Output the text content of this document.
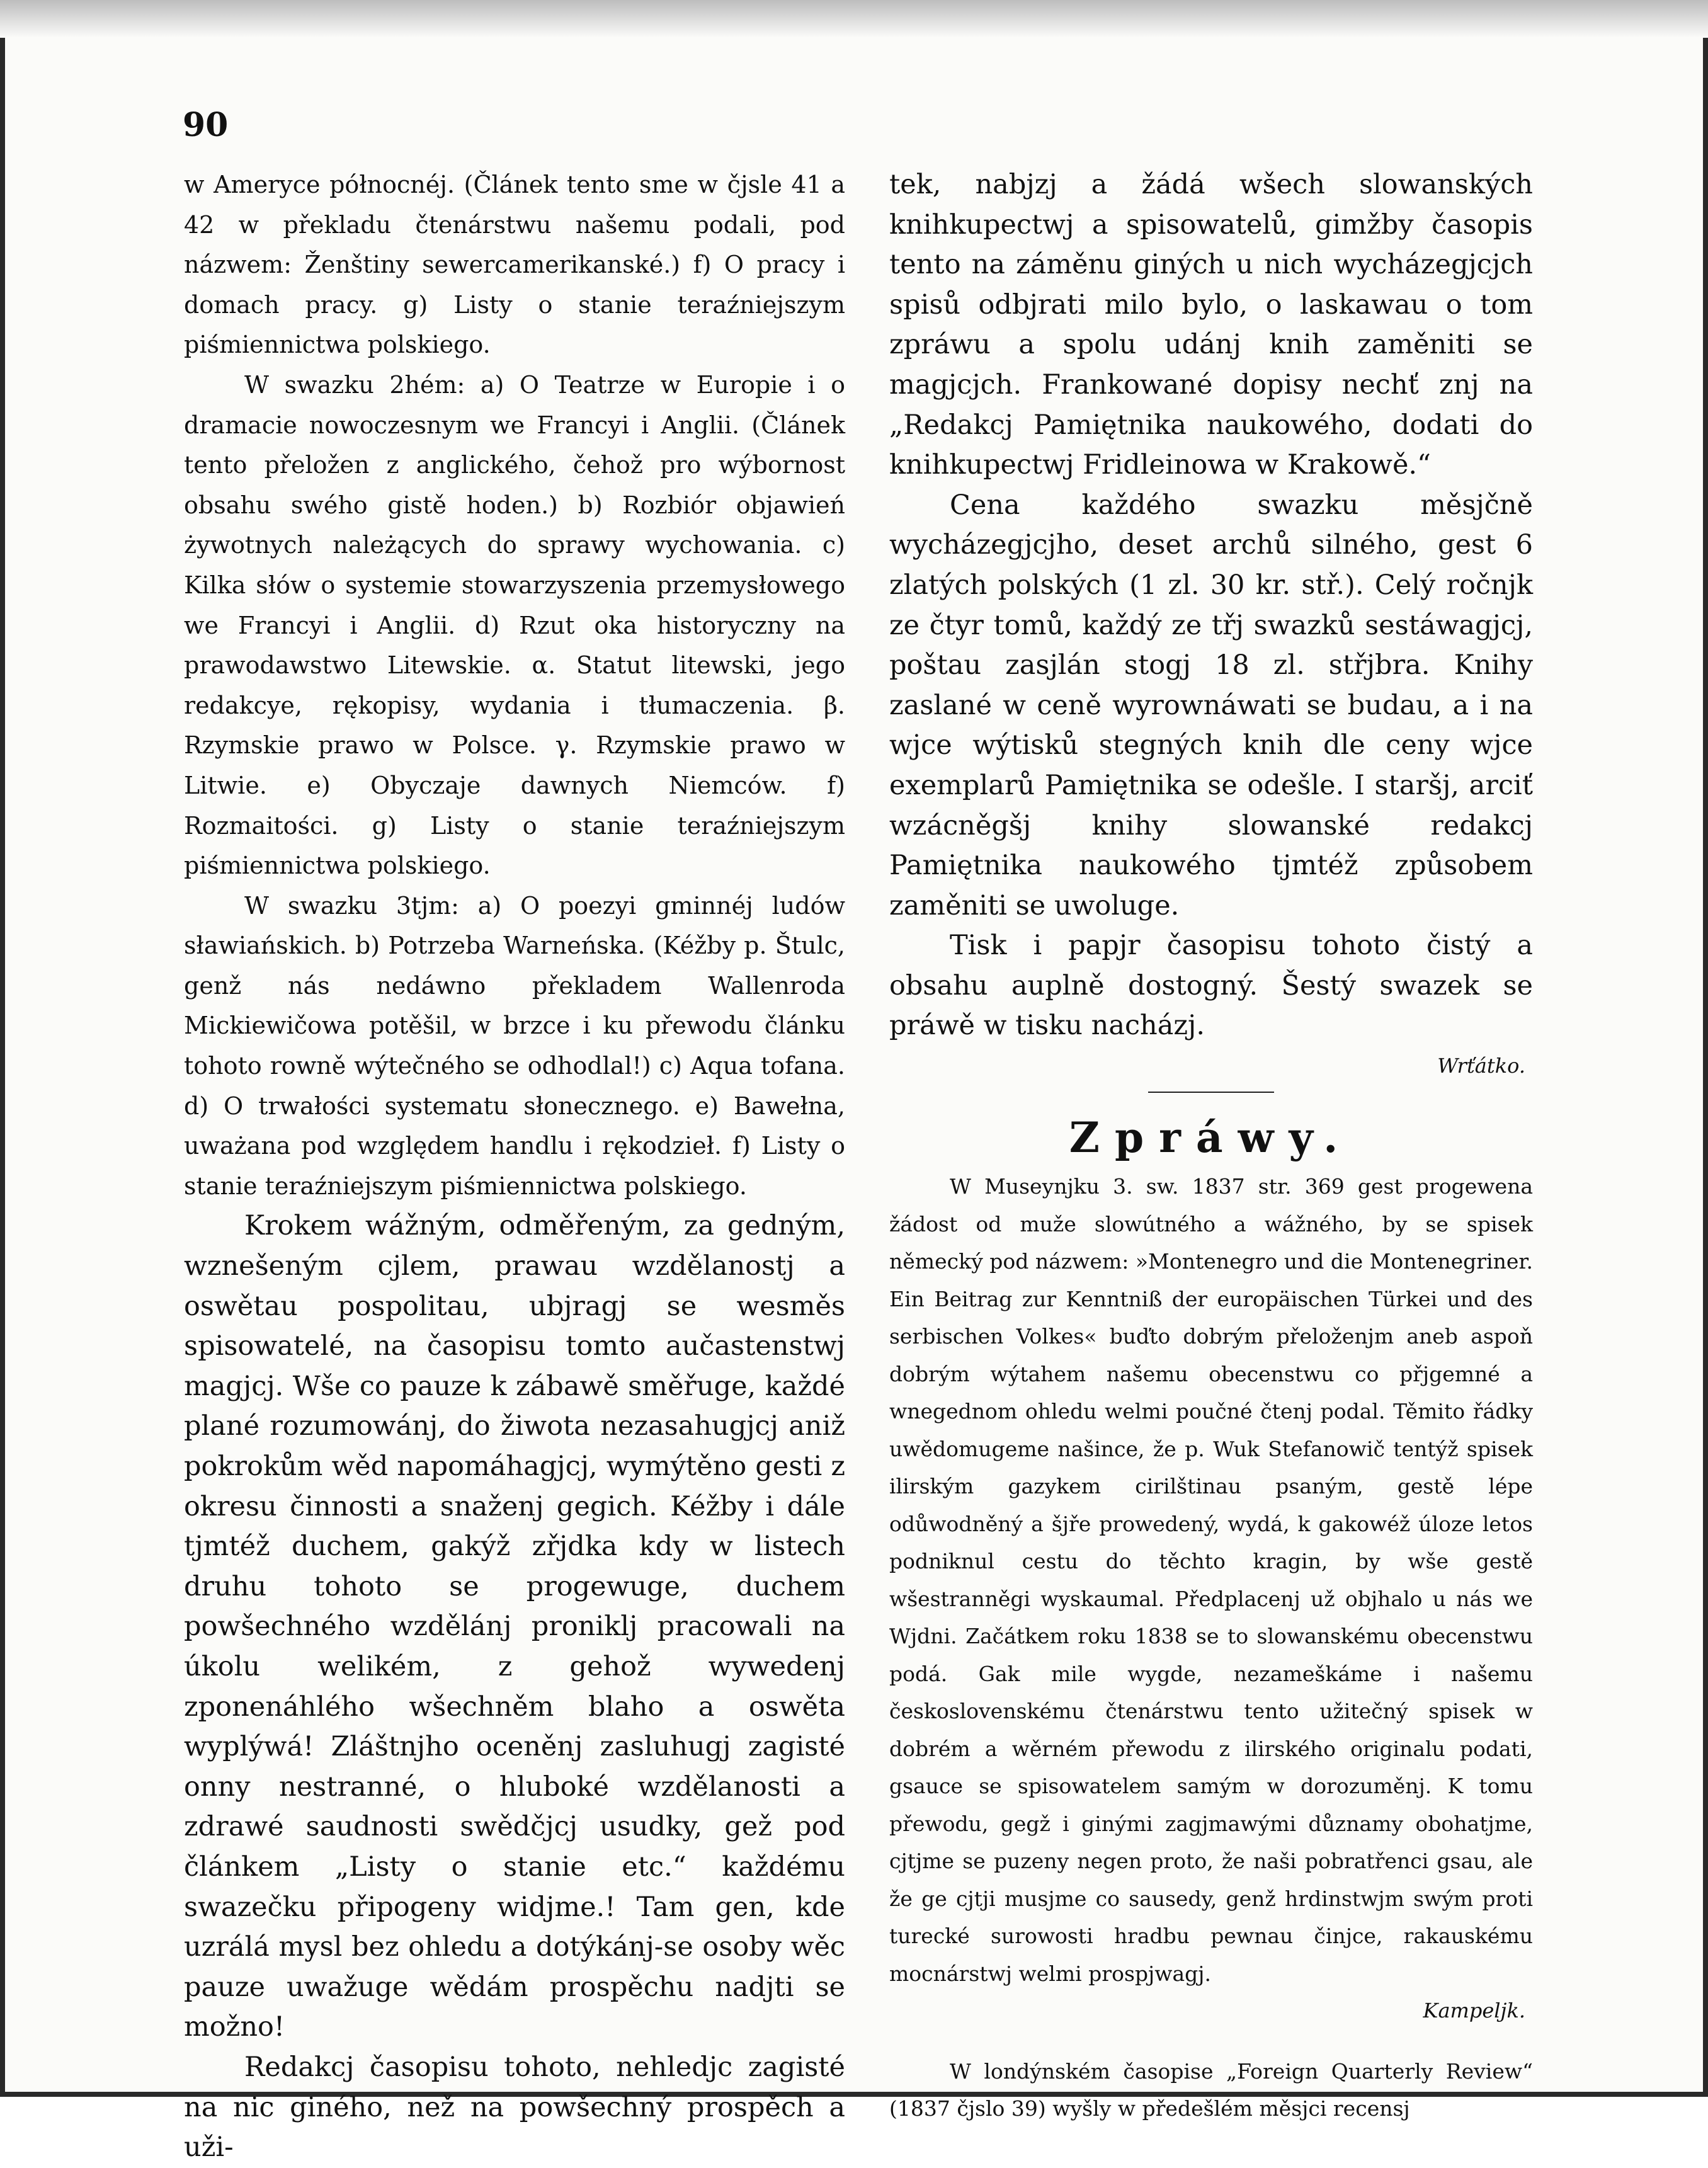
90

w Ameryce północnéj. (Článek tento sme w čjsle 41 a 42 w překladu čtenárstwu našemu podali, pod názwem: Ženštiny sewercamerikanské.) f) O pracy i domach pracy. g) Listy o stanie teraźniejszym piśmiennictwa polskiego.

W swazku 2hém: a) O Teatrze w Europie i o dramacie nowoczesnym we Francyi i Anglii. (Článek tento přeložen z anglického, čehož pro wýbornost obsahu swého gistě hoden.) b) Rozbiór objawień żywotnych należących do sprawy wychowania. c) Kilka słów o systemie stowarzyszenia przemysłowego we Francyi i Anglii. d) Rzut oka historyczny na prawodawstwo Litewskie. α. Statut litewski, jego redakcye, rękopisy, wydania i tłumaczenia. β. Rzymskie prawo w Polsce. γ. Rzymskie prawo w Litwie. e) Obyczaje dawnych Niemców. f) Rozmaitości. g) Listy o stanie teraźniejszym piśmiennictwa polskiego.

W swazku 3tjm: a) O poezyi gminnéj ludów sławiańskich. b) Potrzeba Warneńska. (Kéžby p. Štulc, genž nás nedáwno překladem Wallenroda Mickiewičowa potěšil, w brzce i ku přewodu článku tohoto rowně wýtečného se odhodlal!) c) Aqua tofana. d) O trwałości systematu słonecznego. e) Bawełna, uważana pod względem handlu i rękodzieł. f) Listy o stanie teraźniejszym piśmiennictwa polskiego.

Krokem wážným, odměřeným, za gedným, wznešeným cjlem, prawau wzdělanostj a oswětau pospolitau, ubjragj se wesměs spisowatelé, na časopisu tomto aučastenstwj magjcj. Wše co pauze k zábawě směřuge, každé plané rozumowánj, do žiwota nezasahugjcj aniž pokrokům wěd napomáhagjcj, wymýtěno gesti z okresu činnosti a snaženj gegich. Kéžby i dále tjmtéž duchem, gakýž zřjdka kdy w listech druhu tohoto se progewuge, duchem powšechného wzdělánj proniklj pracowali na úkolu welikém, z gehož wywedenj zponenáhlého wšechněm blaho a oswěta wyplýwá! Zláštnjho oceněnj zasluhugj zagisté onny nestranné, o hluboké wzdělanosti a zdrawé saudnosti swědčjcj usudky, gež pod článkem „Listy o stanie etc.“ každému swazečku připogeny widjme.! Tam gen, kde uzrálá mysl bez ohledu a dotýkánj-se osoby wěc pauze uwažuge wědám prospěchu nadjti se možno!

Redakcj časopisu tohoto, nehledjc zagisté na nic giného, než na powšechný prospěch a uži-

tek, nabjzj a žádá wšech slowanských knihkupectwj a spisowatelů, gimžby časopis tento na záměnu giných u nich wycházegjcjch spisů odbjrati milo bylo, o laskawau o tom zpráwu a spolu udánj knih zaměniti se magjcjch. Frankowané dopisy nechť znj na „Redakcj Pamiętnika naukowého, dodati do knihkupectwj Fridleinowa w Krakowě.“

Cena každého swazku měsjčně wycházegjcjho, deset archů silného, gest 6 zlatých polských (1 zl. 30 kr. stř.). Celý ročnjk ze čtyr tomů, každý ze třj swazků sestáwagjcj, poštau zasjlán stogj 18 zl. střjbra. Knihy zaslané w ceně wyrownáwati se budau, a i na wjce wýtisků stegných knih dle ceny wjce exemplarů Pamiętnika se odešle. I staršj, arciť wzácněgšj knihy slowanské redakcj Pamiętnika naukowého tjmtéž způsobem zaměniti se uwoluge.

Tisk i papjr časopisu tohoto čistý a obsahu auplně dostogný. Šestý swazek se práwě w tisku nacházj.

Wrťátko.
Zpráwy.

W Museynjku 3. sw. 1837 str. 369 gest progewena žádost od muže slowútného a wážného, by se spisek německý pod názwem: »Montenegro und die Montenegriner. Ein Beitrag zur Kenntniß der europäischen Türkei und des serbischen Volkes« buďto dobrým přeloženjm aneb aspoň dobrým wýtahem našemu obecenstwu co přjgemné a wnegednom ohledu welmi poučné čtenj podal. Těmito řádky uwědomugeme našince, že p. Wuk Stefanowič tentýž spisek ilirským gazykem cirilštinau psaným, gestě lépe odůwodněný a šjře prowedený, wydá, k gakowéž úloze letos podniknul cestu do těchto kragin, by wše gestě wšestranněgi wyskaumal. Předplacenj už objhalo u nás we Wjdni. Začátkem roku 1838 se to slowanskému obecenstwu podá. Gak mile wygde, nezameškáme i našemu československému čtenárstwu tento užitečný spisek w dobrém a wěrném přewodu z ilirského originalu podati, gsauce se spisowatelem samým w dorozuměnj. K tomu přewodu, gegž i ginými zagjmawými důznamy obohatjme, cjtjme se puzeny negen proto, že naši pobratřenci gsau, ale že ge cjtji musjme co sausedy, genž hrdinstwjm swým proti turecké surowosti hradbu pewnau činjce, rakauskému mocnárstwj welmi prospjwagj.

Kampeljk.

W londýnském časopise „Foreign Quarterly Review“ (1837 čjslo 39) wyšly w předešlém měsjci recensj
